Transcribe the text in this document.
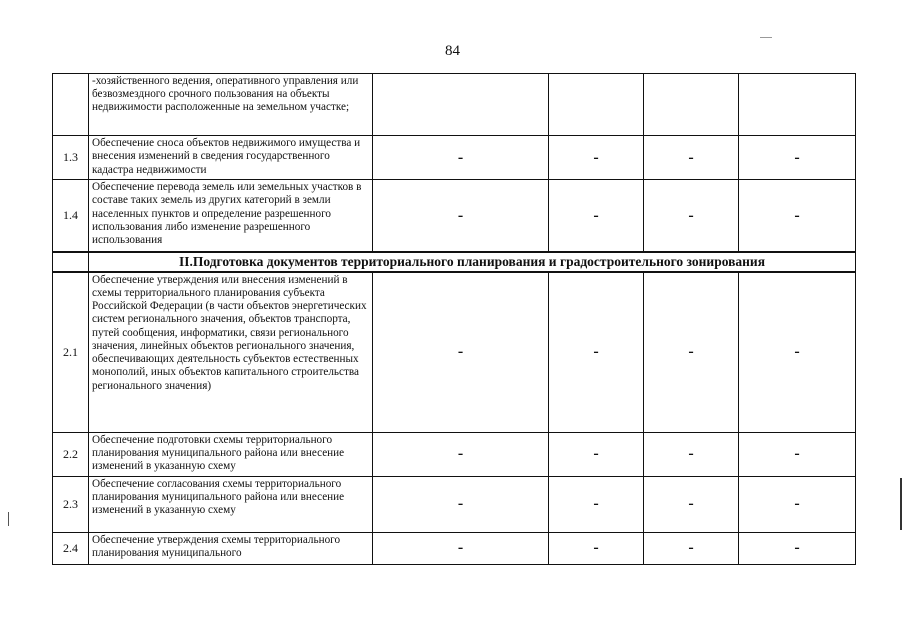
84
	-хозяйственного ведения, оперативного управления или безвозмездного срочного пользования на объекты недвижимости расположенные на земельном участке;				
1.3	Обеспечение сноса объектов недвижимого имущества и внесения изменений в сведения государственного кадастра недвижимости	-	-	-	-
1.4	Обеспечение перевода земель или земельных участков в составе таких земель из других категорий в земли населенных пунктов и определение разрешенного использования либо изменение разрешенного использования	-	-	-	-
	II.Подготовка документов территориального планирования и градостроительного зонирования				
2.1	Обеспечение утверждения или внесения изменений в схемы территориального планирования субъекта Российской Федерации (в части объектов энергетических систем регионального значения, объектов транспорта, путей сообщения, информатики, связи регионального значения, линейных объектов регионального значения, обеспечивающих деятельность субъектов естественных монополий, иных объектов капитального строительства регионального значения)	-	-	-	-
2.2	Обеспечение подготовки схемы территориального планирования муниципального района или внесение изменений в указанную схему	-	-	-	-
2.3	Обеспечение согласования схемы территориального планирования муниципального района или внесение изменений в указанную схему	-	-	-	-
2.4	Обеспечение утверждения схемы территориального планирования муниципального	-	-	-	-
